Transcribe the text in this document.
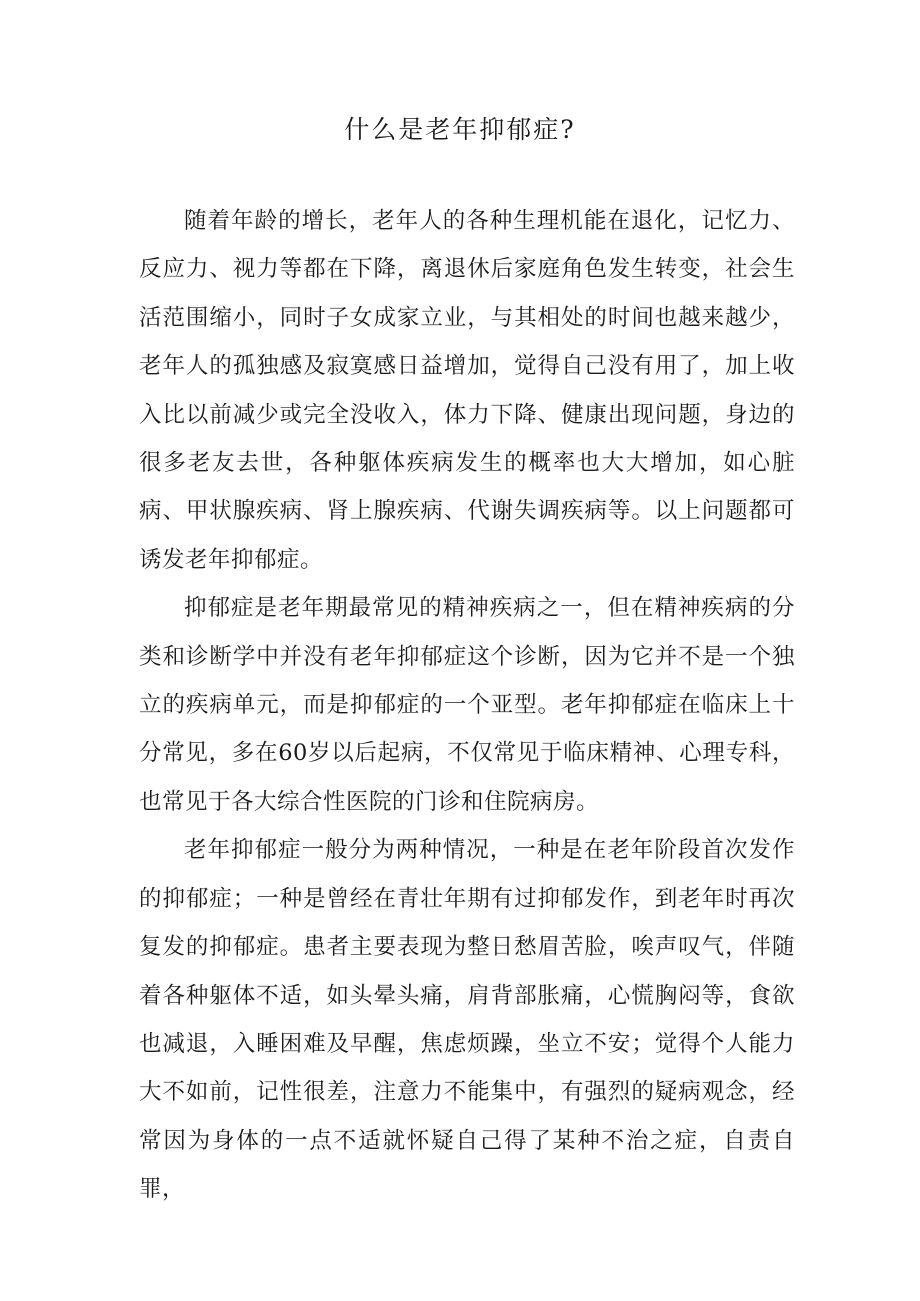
什么是老年抑郁症?

随着年龄的增长，老年人的各种生理机能在退化，记忆力、反应力、视力等都在下降，离退休后家庭角色发生转变，社会生活范围缩小，同时子女成家立业，与其相处的时间也越来越少，老年人的孤独感及寂寞感日益增加，觉得自己没有用了，加上收入比以前减少或完全没收入，体力下降、健康出现问题，身边的很多老友去世，各种躯体疾病发生的概率也大大增加，如心脏病、甲状腺疾病、肾上腺疾病、代谢失调疾病等。以上问题都可诱发老年抑郁症。

抑郁症是老年期最常见的精神疾病之一，但在精神疾病的分类和诊断学中并没有老年抑郁症这个诊断，因为它并不是一个独立的疾病单元，而是抑郁症的一个亚型。老年抑郁症在临床上十分常见，多在60岁以后起病，不仅常见于临床精神、心理专科，也常见于各大综合性医院的门诊和住院病房。

老年抑郁症一般分为两种情况，一种是在老年阶段首次发作的抑郁症；一种是曾经在青壮年期有过抑郁发作，到老年时再次复发的抑郁症。患者主要表现为整日愁眉苦脸，唉声叹气，伴随着各种躯体不适，如头晕头痛，肩背部胀痛，心慌胸闷等，食欲也减退，入睡困难及早醒，焦虑烦躁，坐立不安；觉得个人能力大不如前，记性很差，注意力不能集中，有强烈的疑病观念，经常因为身体的一点不适就怀疑自己得了某种不治之症，自责自罪，
